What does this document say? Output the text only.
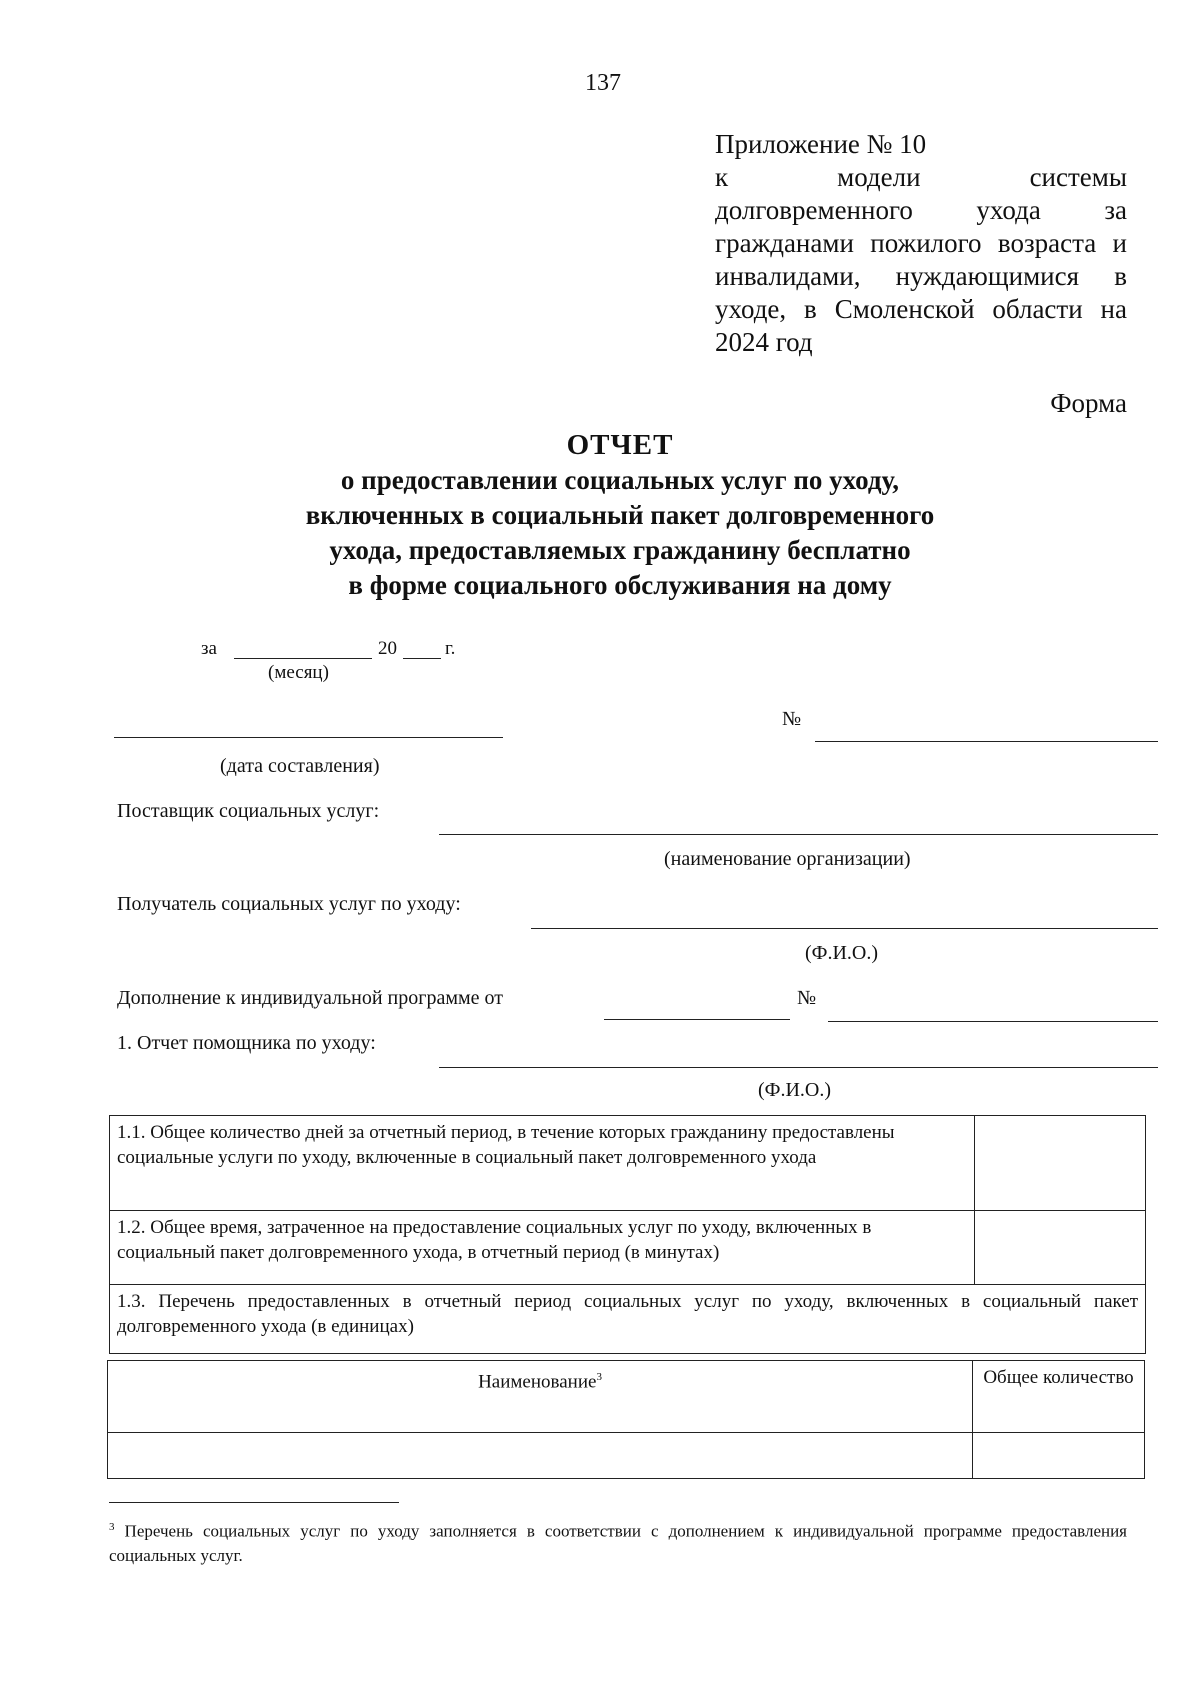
137
Приложение № 10
к модели системы долговременного ухода за гражданами пожилого возраста и инвалидами, нуждающимися в уходе, в Смоленской области на 2024 год
Форма
ОТЧЕТ
о предоставлении социальных услуг по уходу,
включенных в социальный пакет долговременного
ухода, предоставляемых гражданину бесплатно
в форме социального обслуживания на дому
за	20	г.
(месяц)
№
(дата составления)
Поставщик социальных услуг:
(наименование организации)
Получатель социальных услуг по уходу:
(Ф.И.О.)
Дополнение к индивидуальной программе от	№
1. Отчет помощника по уходу:
(Ф.И.О.)
1.1. Общее количество дней за отчетный период, в течение которых гражданину предоставлены социальные услуги по уходу, включенные в социальный пакет долговременного ухода	
1.2. Общее время, затраченное на предоставление социальных услуг по уходу, включенных в социальный пакет долговременного ухода, в отчетный период (в минутах)	
1.3. Перечень предоставленных в отчетный период социальных услуг по уходу, включенных в социальный пакет долговременного ухода (в единицах)	
Наименование$^3$	Общее количество

$^3$ Перечень социальных услуг по уходу заполняется в соответствии с дополнением к индивидуальной программе предоставления социальных услуг.
